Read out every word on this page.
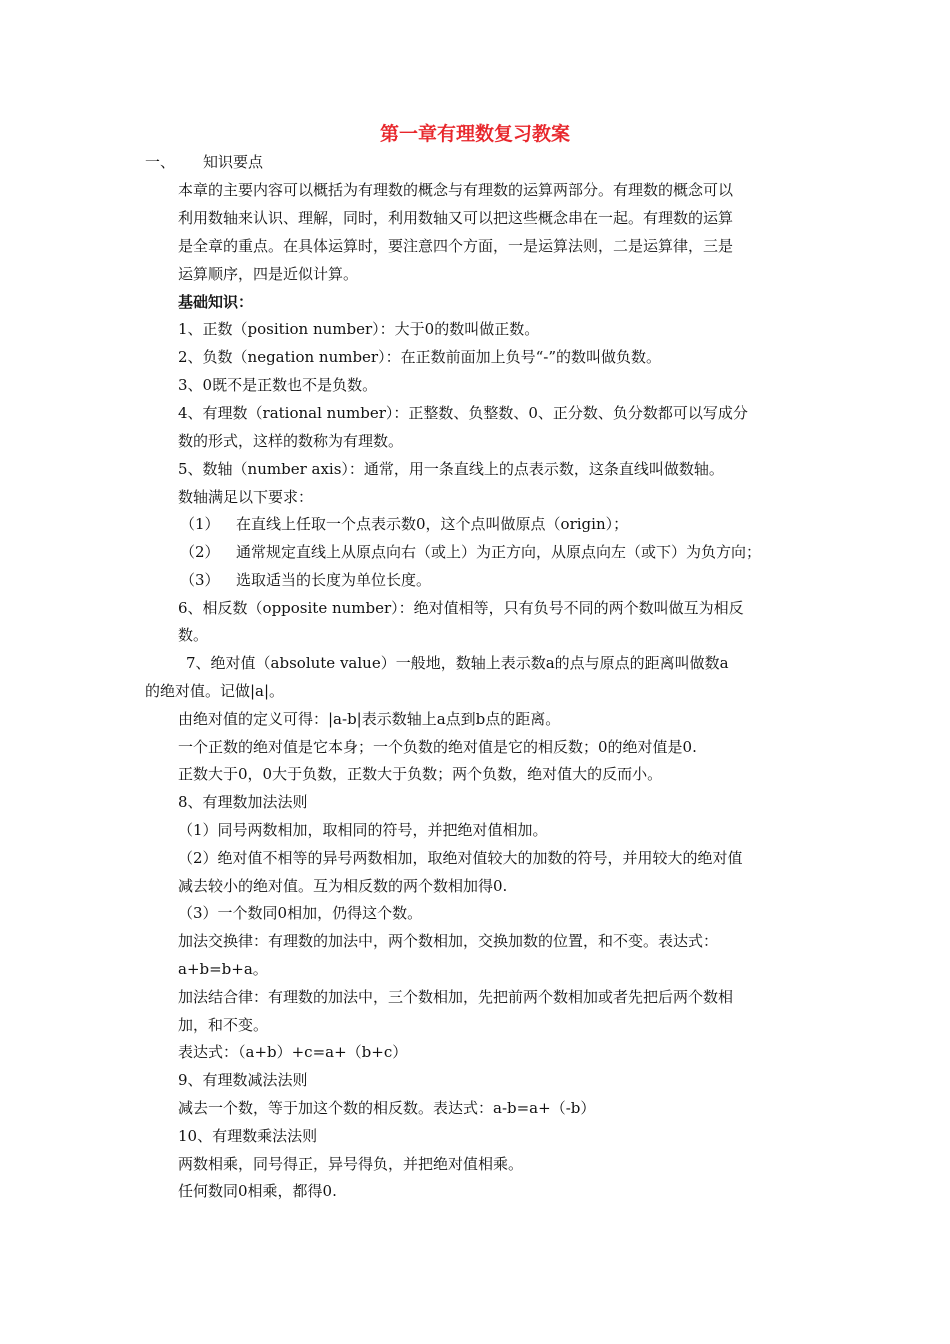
第一章有理数复习教案
一、 知识要点
本章的主要内容可以概括为有理数的概念与有理数的运算两部分。有理数的概念可以
利用数轴来认识、理解，同时，利用数轴又可以把这些概念串在一起。有理数的运算
是全章的重点。在具体运算时，要注意四个方面，一是运算法则，二是运算律，三是
运算顺序，四是近似计算。
基础知识：
1、正数（position number）：大于0的数叫做正数。
2、负数（negation number）：在正数前面加上负号“-”的数叫做负数。
3、0既不是正数也不是负数。
4、有理数（rational number）：正整数、负整数、0、正分数、负分数都可以写成分
数的形式，这样的数称为有理数。
5、数轴（number axis）：通常，用一条直线上的点表示数，这条直线叫做数轴。
数轴满足以下要求：
（1） 在直线上任取一个点表示数0，这个点叫做原点（origin）；
（2） 通常规定直线上从原点向右（或上）为正方向，从原点向左（或下）为负方向；
（3） 选取适当的长度为单位长度。
6、相反数（opposite number）：绝对值相等，只有负号不同的两个数叫做互为相反
数。
7、绝对值（absolute value）一般地，数轴上表示数a的点与原点的距离叫做数a
的绝对值。记做|a|。
由绝对值的定义可得：|a-b|表示数轴上a点到b点的距离。
一个正数的绝对值是它本身；一个负数的绝对值是它的相反数；0的绝对值是0.
正数大于0，0大于负数，正数大于负数；两个负数，绝对值大的反而小。
8、有理数加法法则
（1）同号两数相加，取相同的符号，并把绝对值相加。
（2）绝对值不相等的异号两数相加，取绝对值较大的加数的符号，并用较大的绝对值
减去较小的绝对值。互为相反数的两个数相加得0.
（3）一个数同0相加，仍得这个数。
加法交换律：有理数的加法中，两个数相加，交换加数的位置，和不变。表达式：
a+b=b+a。
加法结合律：有理数的加法中，三个数相加，先把前两个数相加或者先把后两个数相
加，和不变。
表达式：（a+b）+c=a+（b+c）
9、有理数减法法则
减去一个数，等于加这个数的相反数。表达式：a-b=a+（-b）
10、有理数乘法法则
两数相乘，同号得正，异号得负，并把绝对值相乘。
任何数同0相乘，都得0.
